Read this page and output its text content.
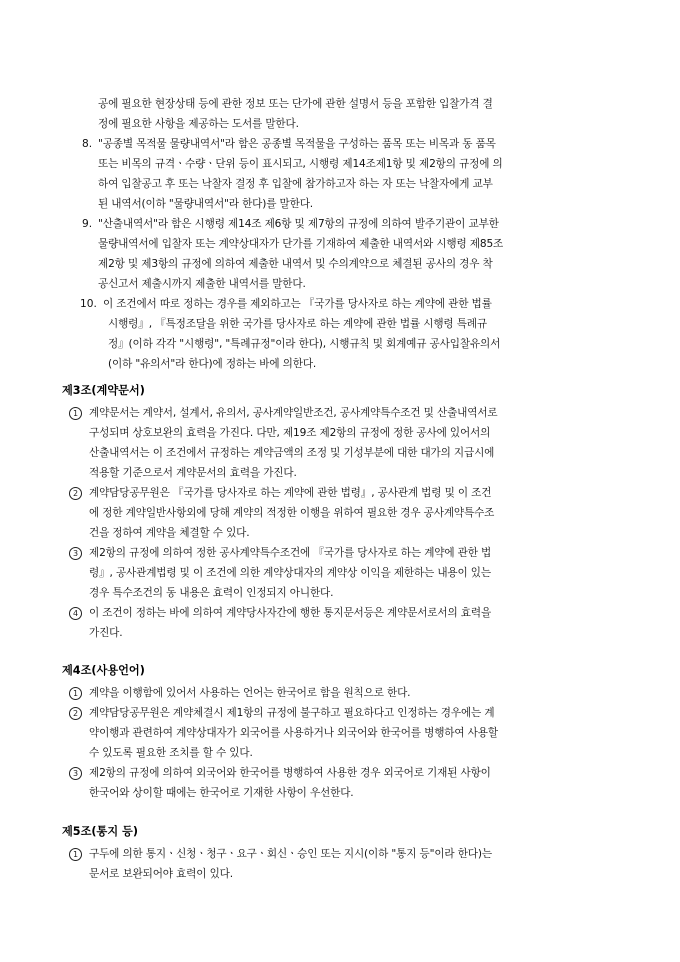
공에 필요한 현장상태 등에 관한 정보 또는 단가에 관한 설명서 등을 포함한 입찰가격 결
정에 필요한 사항을 제공하는 도서를 말한다.
8. "공종별 목적물 물량내역서"라 함은 공종별 목적물을 구성하는 품목 또는 비목과 동 품목
또는 비목의 규격ㆍ수량ㆍ단위 등이 표시되고, 시행령 제14조제1항 및 제2항의 규정에 의
하여 입찰공고 후 또는 낙찰자 결정 후 입찰에 참가하고자 하는 자 또는 낙찰자에게 교부
된 내역서(이하 "물량내역서"라 한다)를 말한다.
9. "산출내역서"라 함은 시행령 제14조 제6항 및 제7항의 규정에 의하여 발주기관이 교부한
물량내역서에 입찰자 또는 계약상대자가 단가를 기재하여 제출한 내역서와 시행령 제85조
제2항 및 제3항의 규정에 의하여 제출한 내역서 및 수의계약으로 체결된 공사의 경우 착
공신고서 제출시까지 제출한 내역서를 말한다.
10. 이 조건에서 따로 정하는 경우를 제외하고는 『국가를 당사자로 하는 계약에 관한 법률
시행령』, 『특정조달을 위한 국가를 당사자로 하는 계약에 관한 법률 시행령 특례규
정』(이하 각각 "시행령", "특례규정"이라 한다), 시행규칙 및 회계예규 공사입찰유의서
(이하 "유의서"라 한다)에 정하는 바에 의한다.
제3조(계약문서)
1	계약문서는 계약서, 설계서, 유의서, 공사계약일반조건, 공사계약특수조건 및 산출내역서로
구성되며 상호보완의 효력을 가진다. 다만, 제19조 제2항의 규정에 정한 공사에 있어서의
산출내역서는 이 조건에서 규정하는 계약금액의 조정 및 기성부분에 대한 대가의 지급시에
적용할 기준으로서 계약문서의 효력을 가진다.
2	계약담당공무원은 『국가를 당사자로 하는 계약에 관한 법령』, 공사관계 법령 및 이 조건
에 정한 계약일반사항외에 당해 계약의 적정한 이행을 위하여 필요한 경우 공사계약특수조
건을 정하여 계약을 체결할 수 있다.
3	제2항의 규정에 의하여 정한 공사계약특수조건에 『국가를 당사자로 하는 계약에 관한 법
령』, 공사관계법령 및 이 조건에 의한 계약상대자의 계약상 이익을 제한하는 내용이 있는
경우 특수조건의 동 내용은 효력이 인정되지 아니한다.
4	이 조건이 정하는 바에 의하여 계약당사자간에 행한 통지문서등은 계약문서로서의 효력을
가진다.
제4조(사용언어)
1	계약을 이행함에 있어서 사용하는 언어는 한국어로 함을 원칙으로 한다.
2	계약담당공무원은 계약체결시 제1항의 규정에 불구하고 필요하다고 인정하는 경우에는 계
약이행과 관련하여 계약상대자가 외국어를 사용하거나 외국어와 한국어를 병행하여 사용할
수 있도록 필요한 조치를 할 수 있다.
3	제2항의 규정에 의하여 외국어와 한국어를 병행하여 사용한 경우 외국어로 기재된 사항이
한국어와 상이할 때에는 한국어로 기재한 사항이 우선한다.
제5조(통지 등)
1	구두에 의한 통지ㆍ신청ㆍ청구ㆍ요구ㆍ회신ㆍ승인 또는 지시(이하 "통지 등"이라 한다)는
문서로 보완되어야 효력이 있다.
